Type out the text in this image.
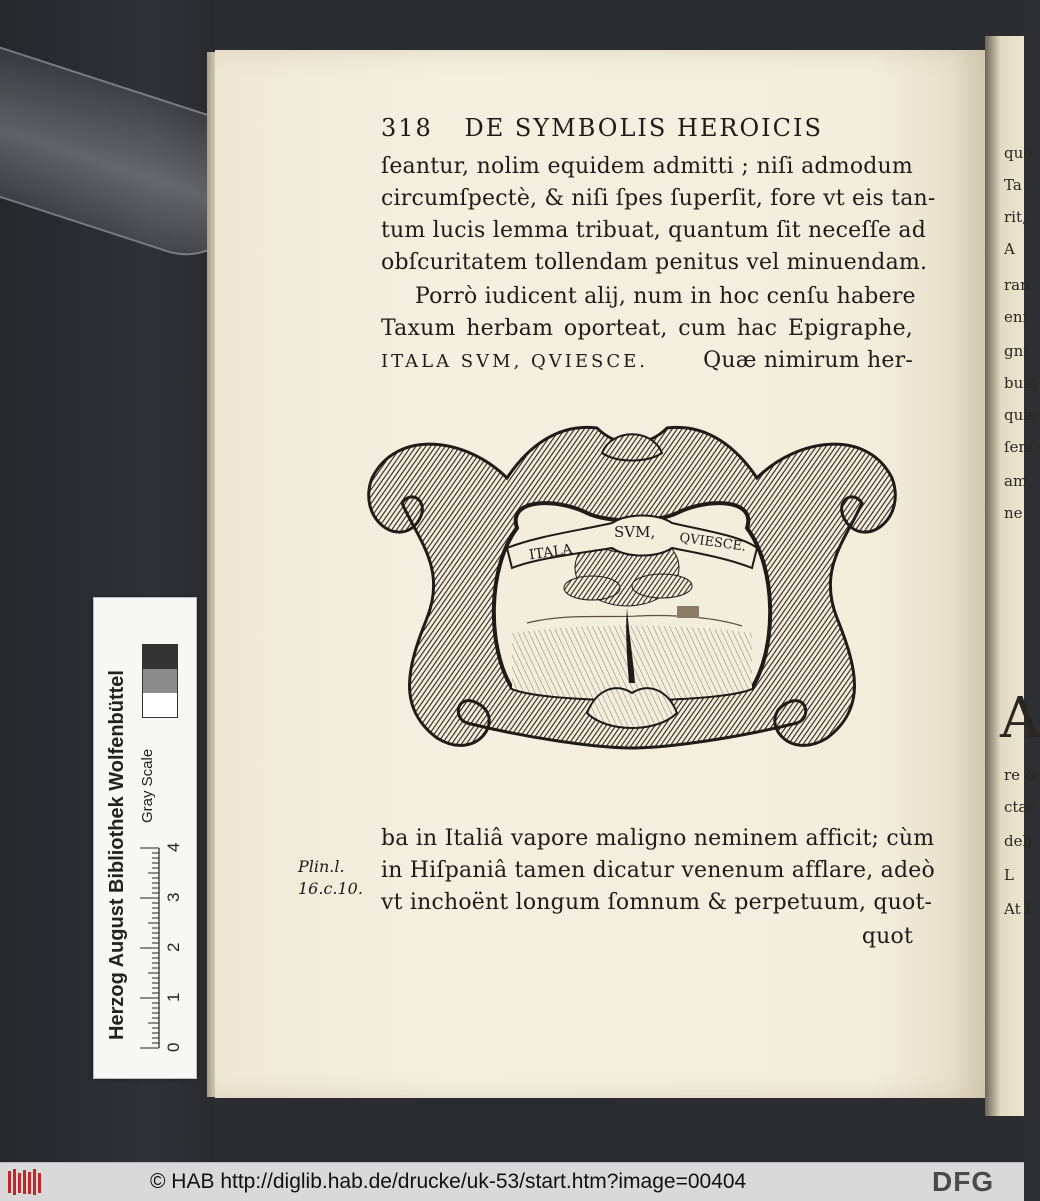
quo
Ta
rit,
A
ran
eni
gni
bum
quis
ſenſ
am
ne
A
re &
ctar
deli
L
At I
318 DE SYMBOLIS HEROICIS
ſeantur, nolim equidem admitti ; niſi admodum
circumſpectè, & niſi ſpes ſuperſit, fore vt eis tan-
tum lucis lemma tribuat, quantum ſit neceſſe ad
obſcuritatem tollendam penitus vel minuendam.
Porrò iudicent alij, num in hoc cenſu habere
Taxum herbam oporteat, cum hac Epigraphe,
ITALA SVM, QVIESCE.	Quæ nimirum her-
ITALA
SVM, QVIESCE.
Plin.l.
16.c.10.
ba in Italiâ vapore maligno neminem afficit; cùm
in Hiſpaniâ tamen dicatur venenum afflare, adeò
vt inchoënt longum ſomnum & perpetuum, quot-
quot
Herzog August Bibliothek Wolfenbüttel
0
1
2
3
4
Gray Scale
© HAB http://diglib.hab.de/drucke/uk-53/start.htm?image=00404	DFG
